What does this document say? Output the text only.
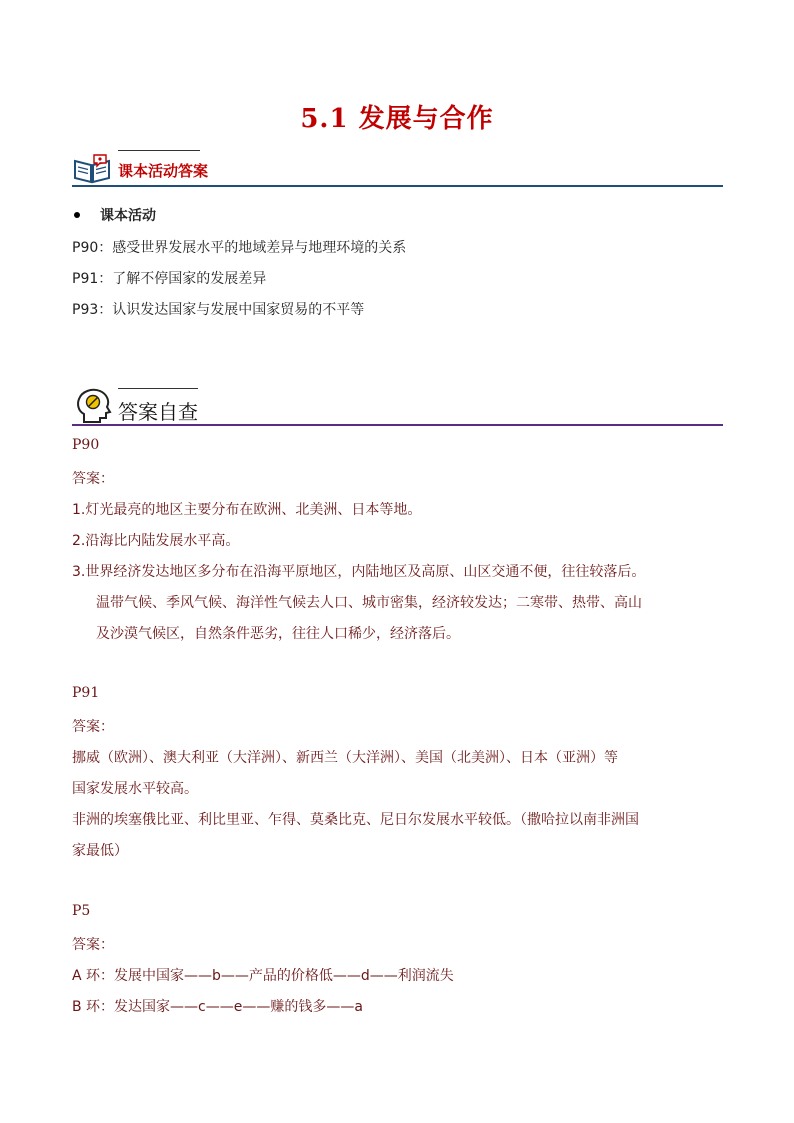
5.1 发展与合作
课本活动答案
课本活动
P90：感受世界发展水平的地域差异与地理环境的关系
P91：了解不停国家的发展差异
P93：认识发达国家与发展中国家贸易的不平等
答案自查
P90
答案：
1.灯光最亮的地区主要分布在欧洲、北美洲、日本等地。
2.沿海比内陆发展水平高。
3.世界经济发达地区多分布在沿海平原地区，内陆地区及高原、山区交通不便，往往较落后。
温带气候、季风气候、海洋性气候去人口、城市密集，经济较发达；二寒带、热带、高山
及沙漠气候区，自然条件恶劣，往往人口稀少，经济落后。
P91
答案：
挪威（欧洲）、澳大利亚（大洋洲）、新西兰（大洋洲）、美国（北美洲）、日本（亚洲）等
国家发展水平较高。
非洲的埃塞俄比亚、利比里亚、乍得、莫桑比克、尼日尔发展水平较低。（撒哈拉以南非洲国
家最低）
P5
答案：
A 环：发展中国家——b——产品的价格低——d——利润流失
B 环：发达国家——c——e——赚的钱多——a
